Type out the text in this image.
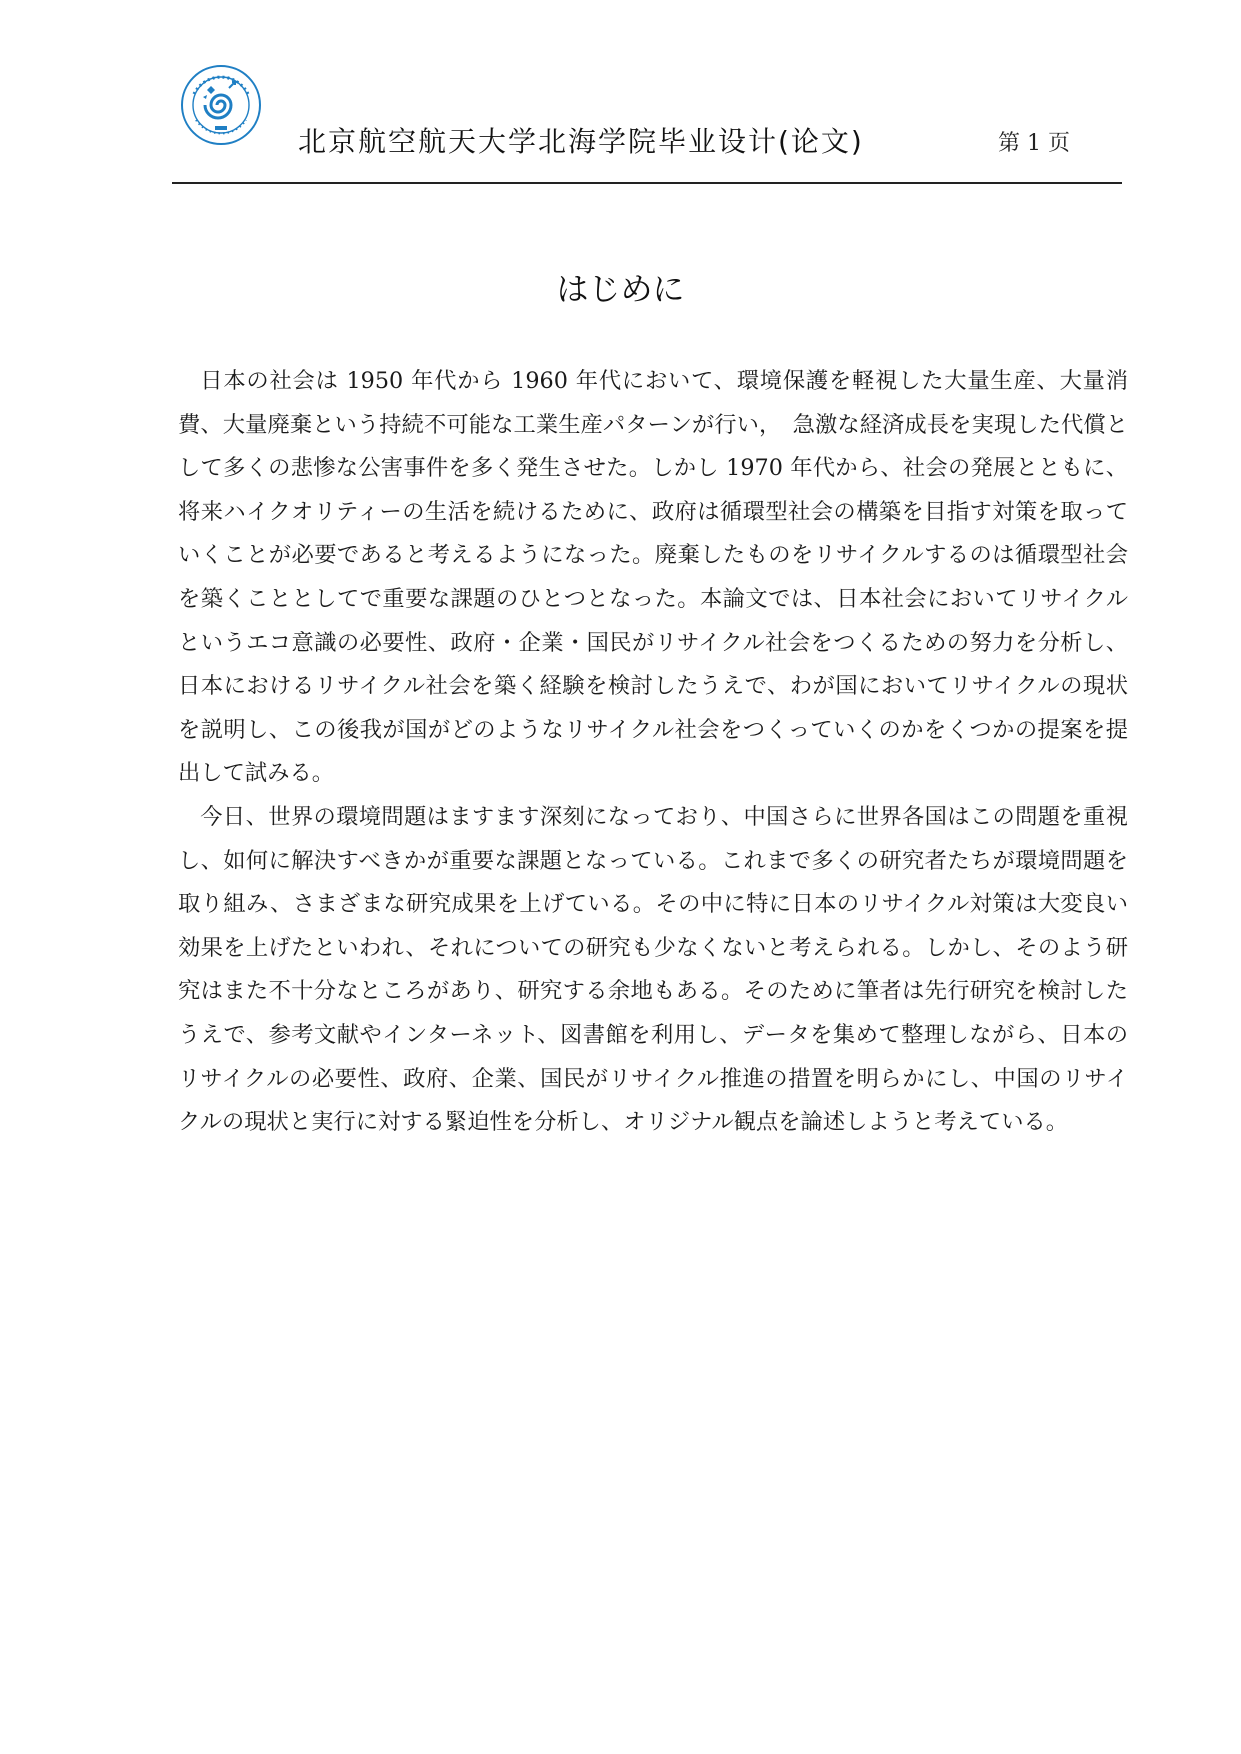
北京航空航天大学北海学院毕业设计(论文)	第 1 页
はじめに

日本の社会は 1950 年代から 1960 年代において、環境保護を軽視した大量生産、大量消費、大量廃棄という持続不可能な工業生産パターンが行い，　急激な経済成長を実現した代償として多くの悲惨な公害事件を多く発生させた。しかし 1970 年代から、社会の発展とともに、将来ハイクオリティーの生活を続けるために、政府は循環型社会の構築を目指す対策を取っていくことが必要であると考えるようになった。廃棄したものをリサイクルするのは循環型社会を築くこととしてで重要な課題のひとつとなった。本論文では、日本社会においてリサイクルというエコ意識の必要性、政府・企業・国民がリサイクル社会をつくるための努力を分析し、日本におけるリサイクル社会を築く経験を検討したうえで、わが国においてリサイクルの現状を説明し、この後我が国がどのようなリサイクル社会をつくっていくのかをくつかの提案を提出して試みる。

今日、世界の環境問題はますます深刻になっており、中国さらに世界各国はこの問題を重視し、如何に解決すべきかが重要な課題となっている。これまで多くの研究者たちが環境問題を取り組み、さまざまな研究成果を上げている。その中に特に日本のリサイクル対策は大変良い効果を上げたといわれ、それについての研究も少なくないと考えられる。しかし、そのよう研究はまた不十分なところがあり、研究する余地もある。そのために筆者は先行研究を検討したうえで、参考文献やインターネット、図書館を利用し、データを集めて整理しながら、日本のリサイクルの必要性、政府、企業、国民がリサイクル推進の措置を明らかにし、中国のリサイクルの現状と実行に対する緊迫性を分析し、オリジナル観点を論述しようと考えている。
